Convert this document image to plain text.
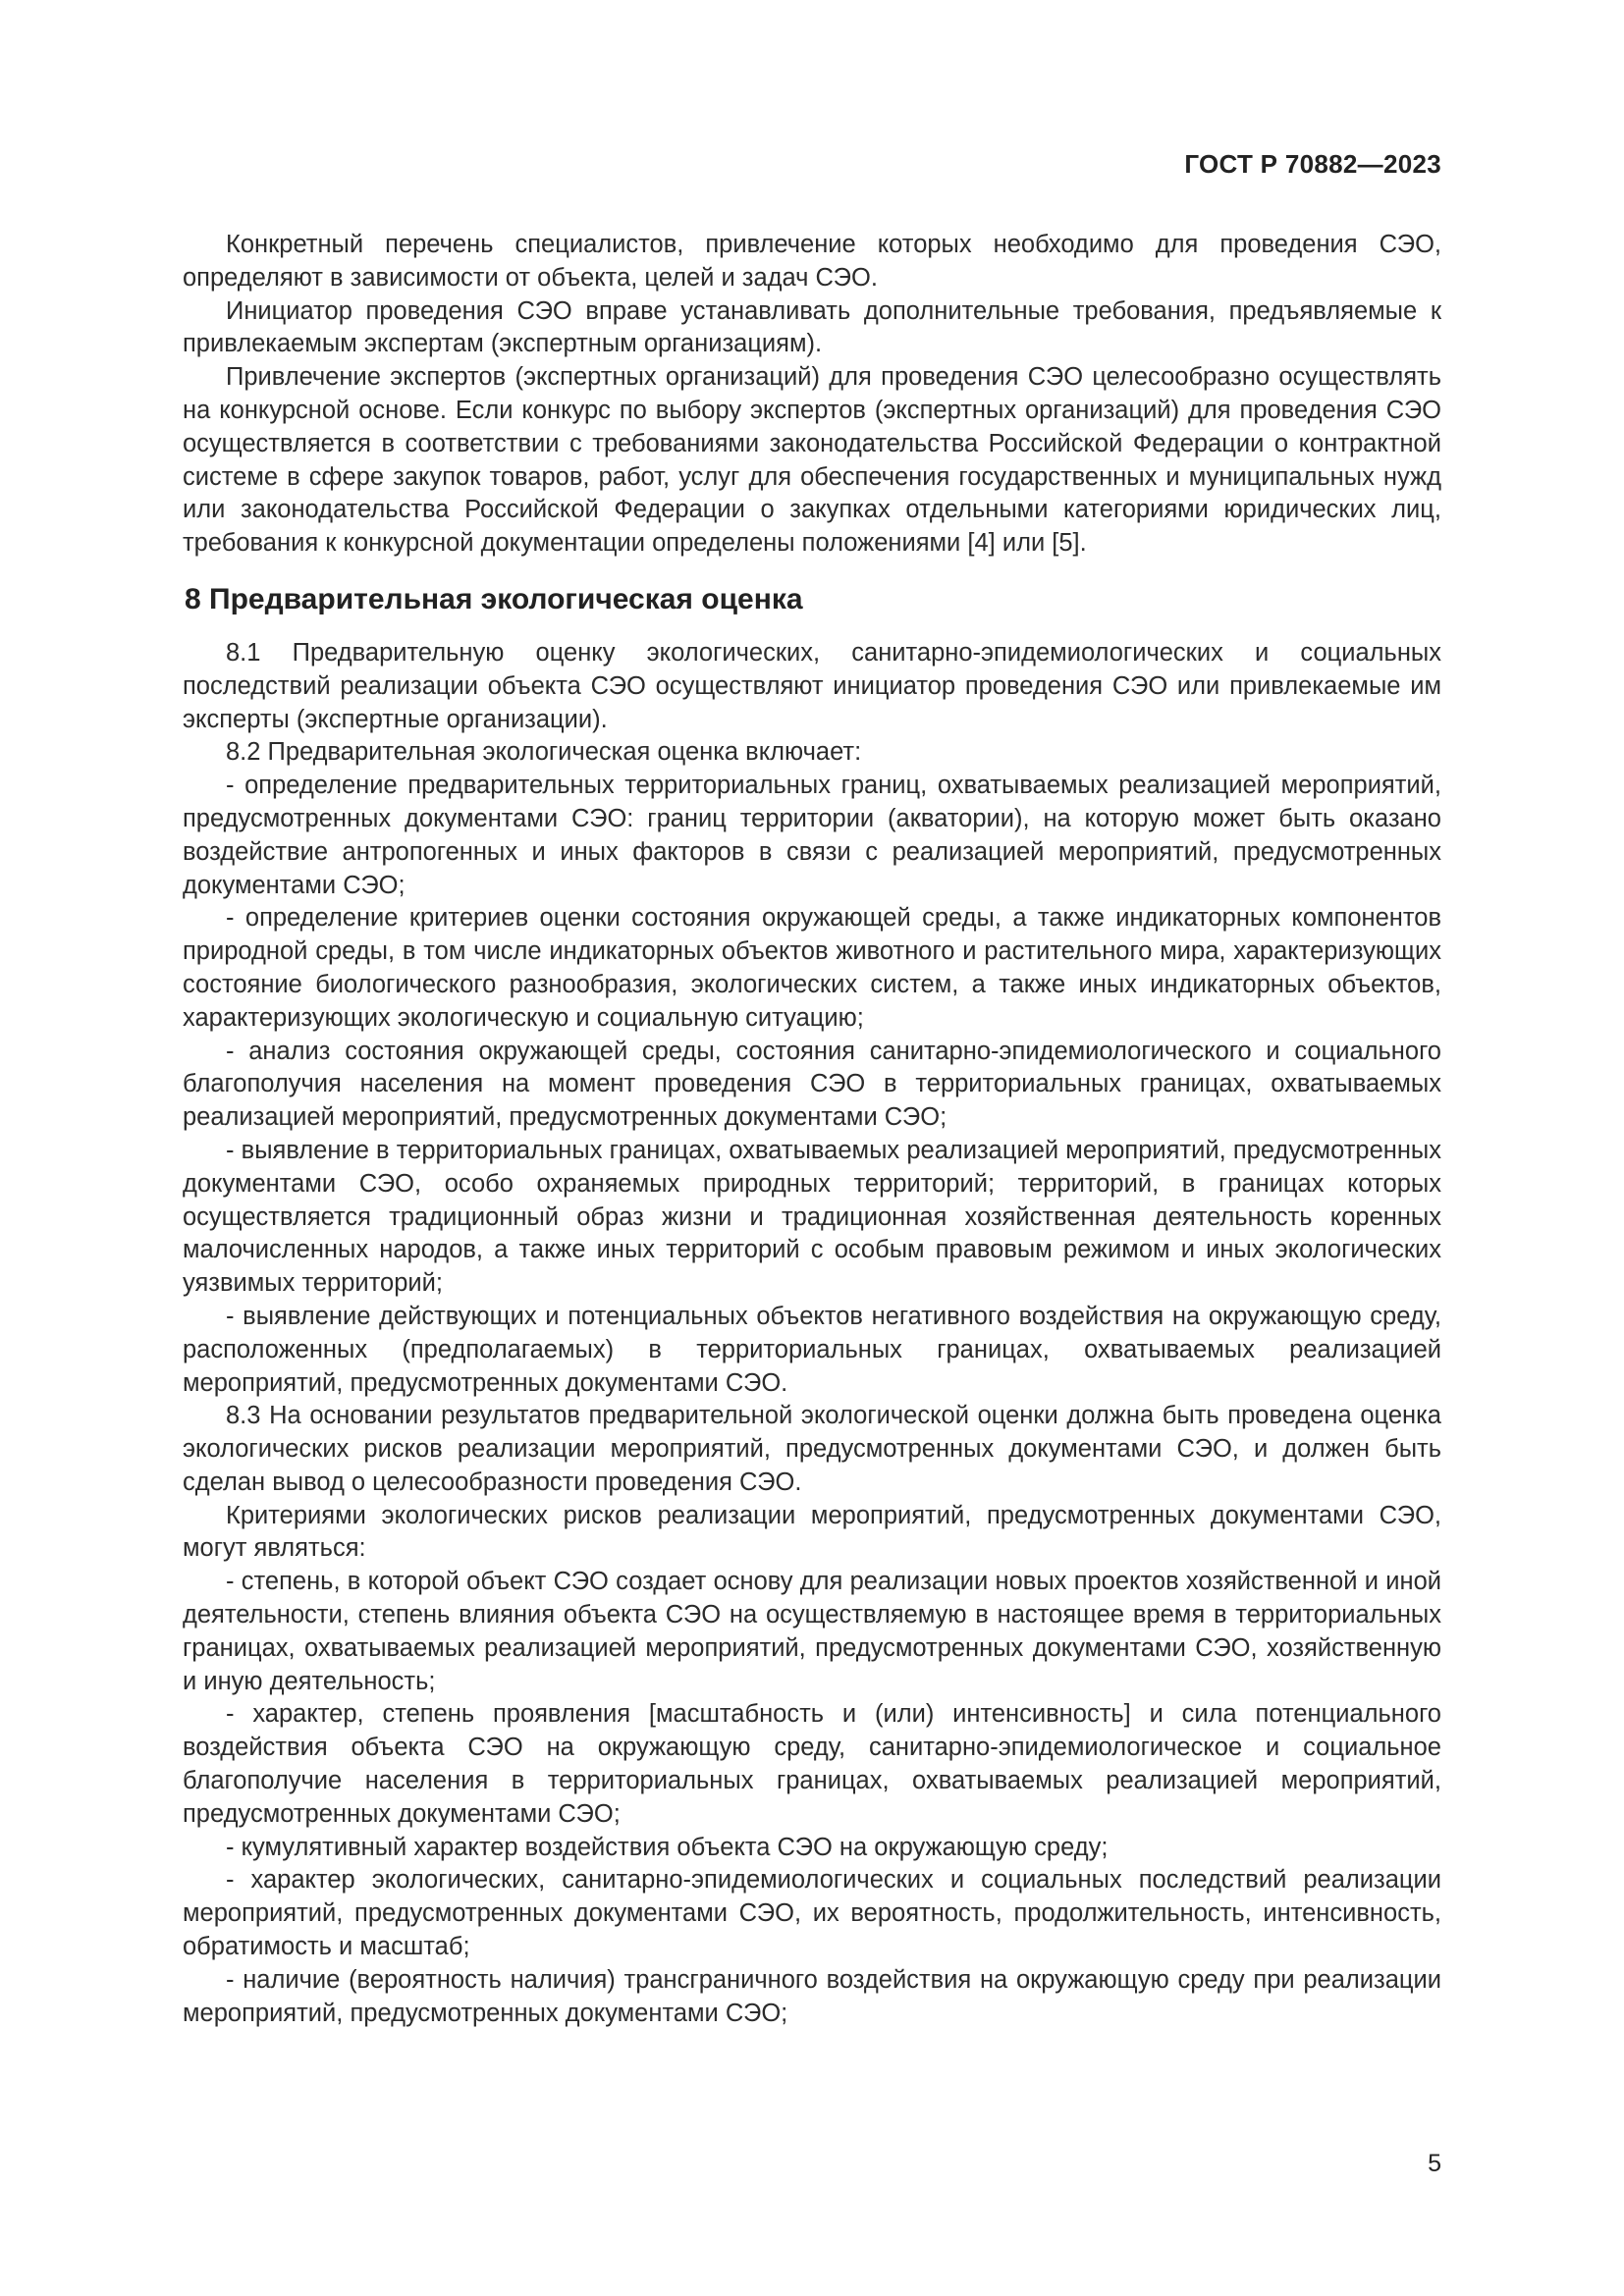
ГОСТ Р 70882—2023

Конкретный перечень специалистов, привлечение которых необходимо для проведения СЭО, определяют в зависимости от объекта, целей и задач СЭО.

Инициатор проведения СЭО вправе устанавливать дополнительные требования, предъявляемые к привлекаемым экспертам (экспертным организациям).

Привлечение экспертов (экспертных организаций) для проведения СЭО целесообразно осуществлять на конкурсной основе. Если конкурс по выбору экспертов (экспертных организаций) для проведения СЭО осуществляется в соответствии с требованиями законодательства Российской Федерации о контрактной системе в сфере закупок товаров, работ, услуг для обеспечения государственных и муниципальных нужд или законодательства Российской Федерации о закупках отдельными категориями юридических лиц, требования к конкурсной документации определены положениями [4] или [5].

8 Предварительная экологическая оценка

8.1 Предварительную оценку экологических, санитарно-эпидемиологических и социальных последствий реализации объекта СЭО осуществляют инициатор проведения СЭО или привлекаемые им эксперты (экспертные организации).

8.2 Предварительная экологическая оценка включает:

- определение предварительных территориальных границ, охватываемых реализацией мероприятий, предусмотренных документами СЭО: границ территории (акватории), на которую может быть оказано воздействие антропогенных и иных факторов в связи с реализацией мероприятий, предусмотренных документами СЭО;

- определение критериев оценки состояния окружающей среды, а также индикаторных компонентов природной среды, в том числе индикаторных объектов животного и растительного мира, характеризующих состояние биологического разнообразия, экологических систем, а также иных индикаторных объектов, характеризующих экологическую и социальную ситуацию;

- анализ состояния окружающей среды, состояния санитарно-эпидемиологического и социального благополучия населения на момент проведения СЭО в территориальных границах, охватываемых реализацией мероприятий, предусмотренных документами СЭО;

- выявление в территориальных границах, охватываемых реализацией мероприятий, предусмотренных документами СЭО, особо охраняемых природных территорий; территорий, в границах которых осуществляется традиционный образ жизни и традиционная хозяйственная деятельность коренных малочисленных народов, а также иных территорий с особым правовым режимом и иных экологических уязвимых территорий;

- выявление действующих и потенциальных объектов негативного воздействия на окружающую среду, расположенных (предполагаемых) в территориальных границах, охватываемых реализацией мероприятий, предусмотренных документами СЭО.

8.3 На основании результатов предварительной экологической оценки должна быть проведена оценка экологических рисков реализации мероприятий, предусмотренных документами СЭО, и должен быть сделан вывод о целесообразности проведения СЭО.

Критериями экологических рисков реализации мероприятий, предусмотренных документами СЭО, могут являться:

- степень, в которой объект СЭО создает основу для реализации новых проектов хозяйственной и иной деятельности, степень влияния объекта СЭО на осуществляемую в настоящее время в территориальных границах, охватываемых реализацией мероприятий, предусмотренных документами СЭО, хозяйственную и иную деятельность;

- характер, степень проявления [масштабность и (или) интенсивность] и сила потенциального воздействия объекта СЭО на окружающую среду, санитарно-эпидемиологическое и социальное благополучие населения в территориальных границах, охватываемых реализацией мероприятий, предусмотренных документами СЭО;

- кумулятивный характер воздействия объекта СЭО на окружающую среду;

- характер экологических, санитарно-эпидемиологических и социальных последствий реализации мероприятий, предусмотренных документами СЭО, их вероятность, продолжительность, интенсивность, обратимость и масштаб;

- наличие (вероятность наличия) трансграничного воздействия на окружающую среду при реализации мероприятий, предусмотренных документами СЭО;

5
